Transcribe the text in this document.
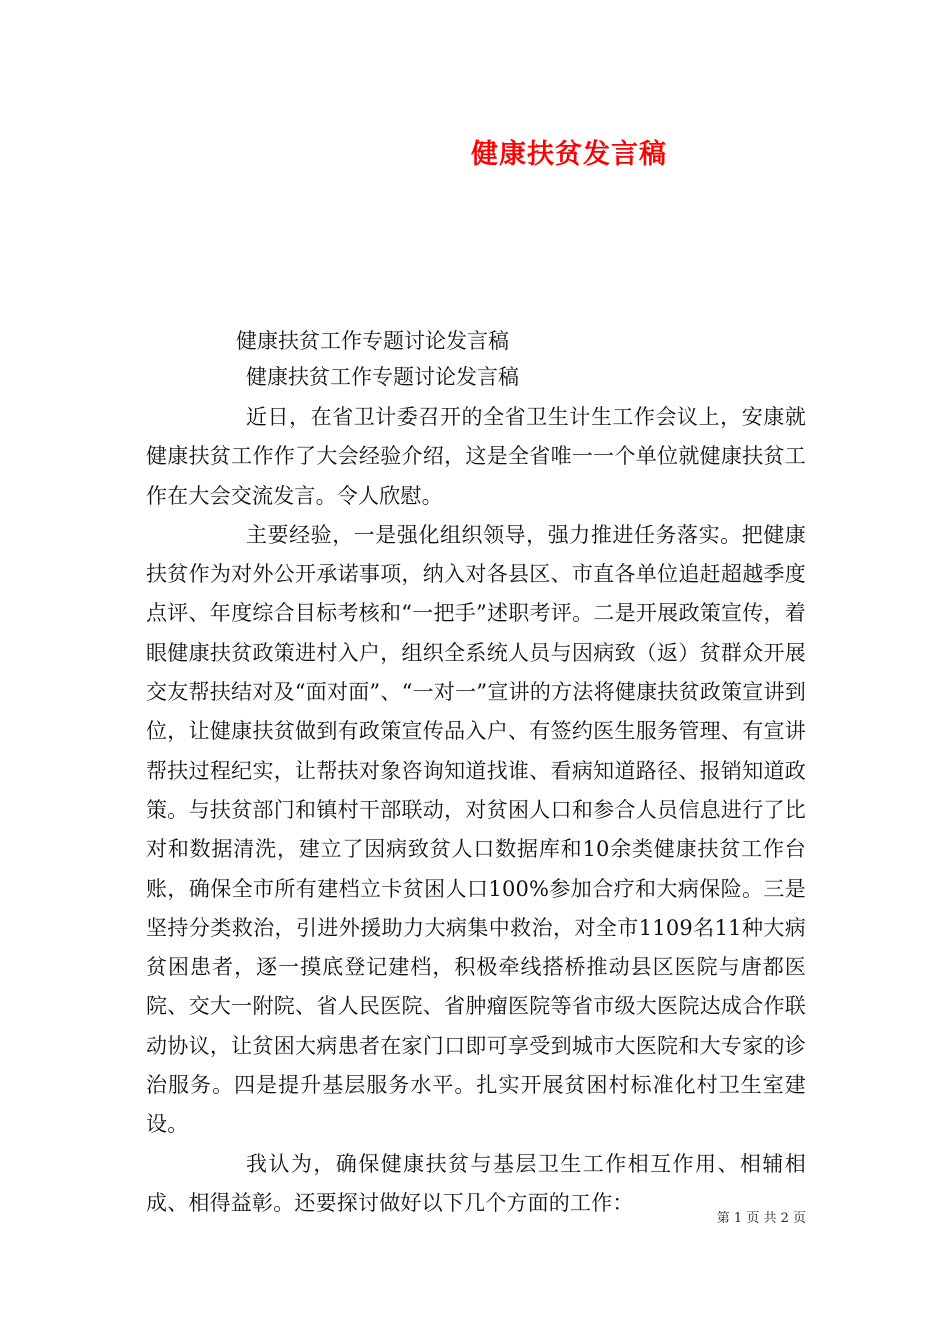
健康扶贫发言稿
健康扶贫工作专题讨论发言稿
健康扶贫工作专题讨论发言稿

近日，在省卫计委召开的全省卫生计生工作会议上，安康就健康扶贫工作作了大会经验介绍，这是全省唯一一个单位就健康扶贫工作在大会交流发言。令人欣慰。

主要经验，一是强化组织领导，强力推进任务落实。把健康扶贫作为对外公开承诺事项，纳入对各县区、市直各单位追赶超越季度点评、年度综合目标考核和“一把手”述职考评。二是开展政策宣传，着眼健康扶贫政策进村入户，组织全系统人员与因病致（返）贫群众开展交友帮扶结对及“面对面”、“一对一”宣讲的方法将健康扶贫政策宣讲到位，让健康扶贫做到有政策宣传品入户、有签约医生服务管理、有宣讲帮扶过程纪实，让帮扶对象咨询知道找谁、看病知道路径、报销知道政策。与扶贫部门和镇村干部联动，对贫困人口和参合人员信息进行了比对和数据清洗，建立了因病致贫人口数据库和10余类健康扶贫工作台账，确保全市所有建档立卡贫困人口100%参加合疗和大病保险。三是坚持分类救治，引进外援助力大病集中救治，对全市1109名11种大病贫困患者，逐一摸底登记建档，积极牵线搭桥推动县区医院与唐都医院、交大一附院、省人民医院、省肿瘤医院等省市级大医院达成合作联动协议，让贫困大病患者在家门口即可享受到城市大医院和大专家的诊治服务。四是提升基层服务水平。扎实开展贫困村标准化村卫生室建设。

我认为，确保健康扶贫与基层卫生工作相互作用、相辅相成、相得益彰。还要探讨做好以下几个方面的工作：

第 1 页 共 2 页
